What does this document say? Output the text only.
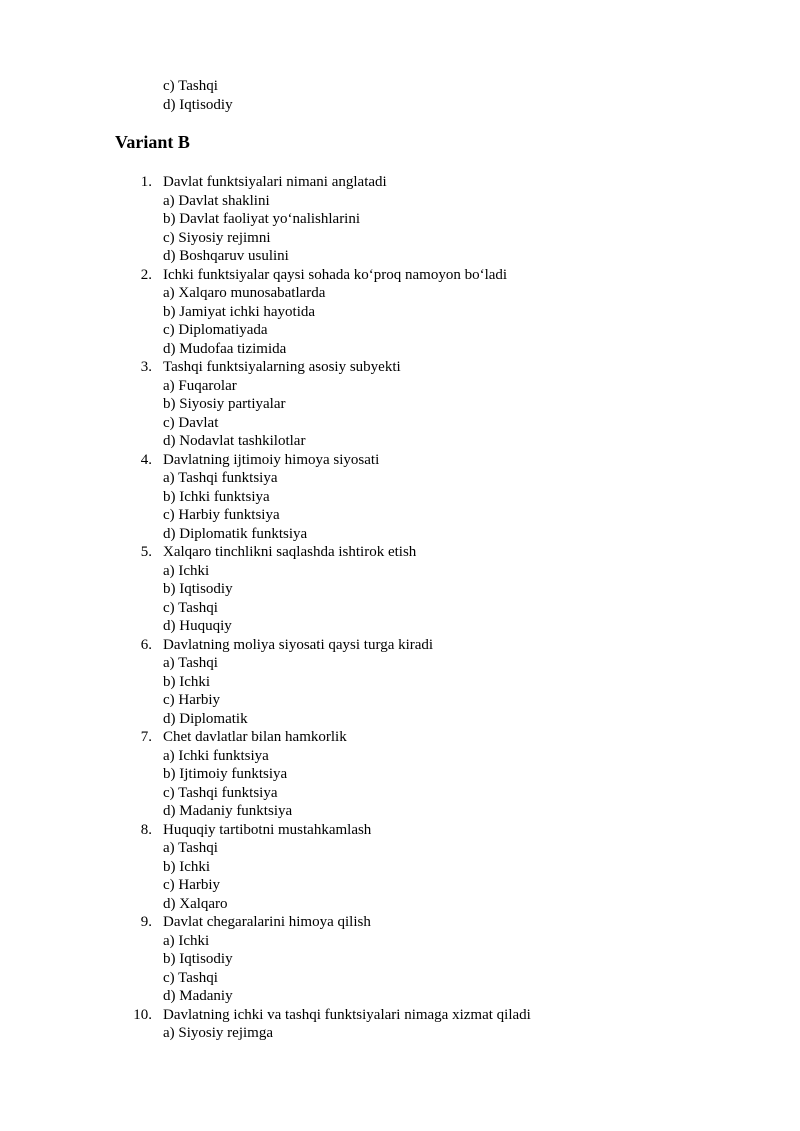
c) Tashqi
d) Iqtisodiy
Variant B
1. Davlat funktsiyalari nimani anglatadi
a) Davlat shaklini
b) Davlat faoliyat yo‘nalishlarini
c) Siyosiy rejimni
d) Boshqaruv usulini
2. Ichki funktsiyalar qaysi sohada ko‘proq namoyon bo‘ladi
a) Xalqaro munosabatlarda
b) Jamiyat ichki hayotida
c) Diplomatiyada
d) Mudofaa tizimida
3. Tashqi funktsiyalarning asosiy subyekti
a) Fuqarolar
b) Siyosiy partiyalar
c) Davlat
d) Nodavlat tashkilotlar
4. Davlatning ijtimoiy himoya siyosati
a) Tashqi funktsiya
b) Ichki funktsiya
c) Harbiy funktsiya
d) Diplomatik funktsiya
5. Xalqaro tinchlikni saqlashda ishtirok etish
a) Ichki
b) Iqtisodiy
c) Tashqi
d) Huquqiy
6. Davlatning moliya siyosati qaysi turga kiradi
a) Tashqi
b) Ichki
c) Harbiy
d) Diplomatik
7. Chet davlatlar bilan hamkorlik
a) Ichki funktsiya
b) Ijtimoiy funktsiya
c) Tashqi funktsiya
d) Madaniy funktsiya
8. Huquqiy tartibotni mustahkamlash
a) Tashqi
b) Ichki
c) Harbiy
d) Xalqaro
9. Davlat chegaralarini himoya qilish
a) Ichki
b) Iqtisodiy
c) Tashqi
d) Madaniy
10. Davlatning ichki va tashqi funktsiyalari nimaga xizmat qiladi
a) Siyosiy rejimga
